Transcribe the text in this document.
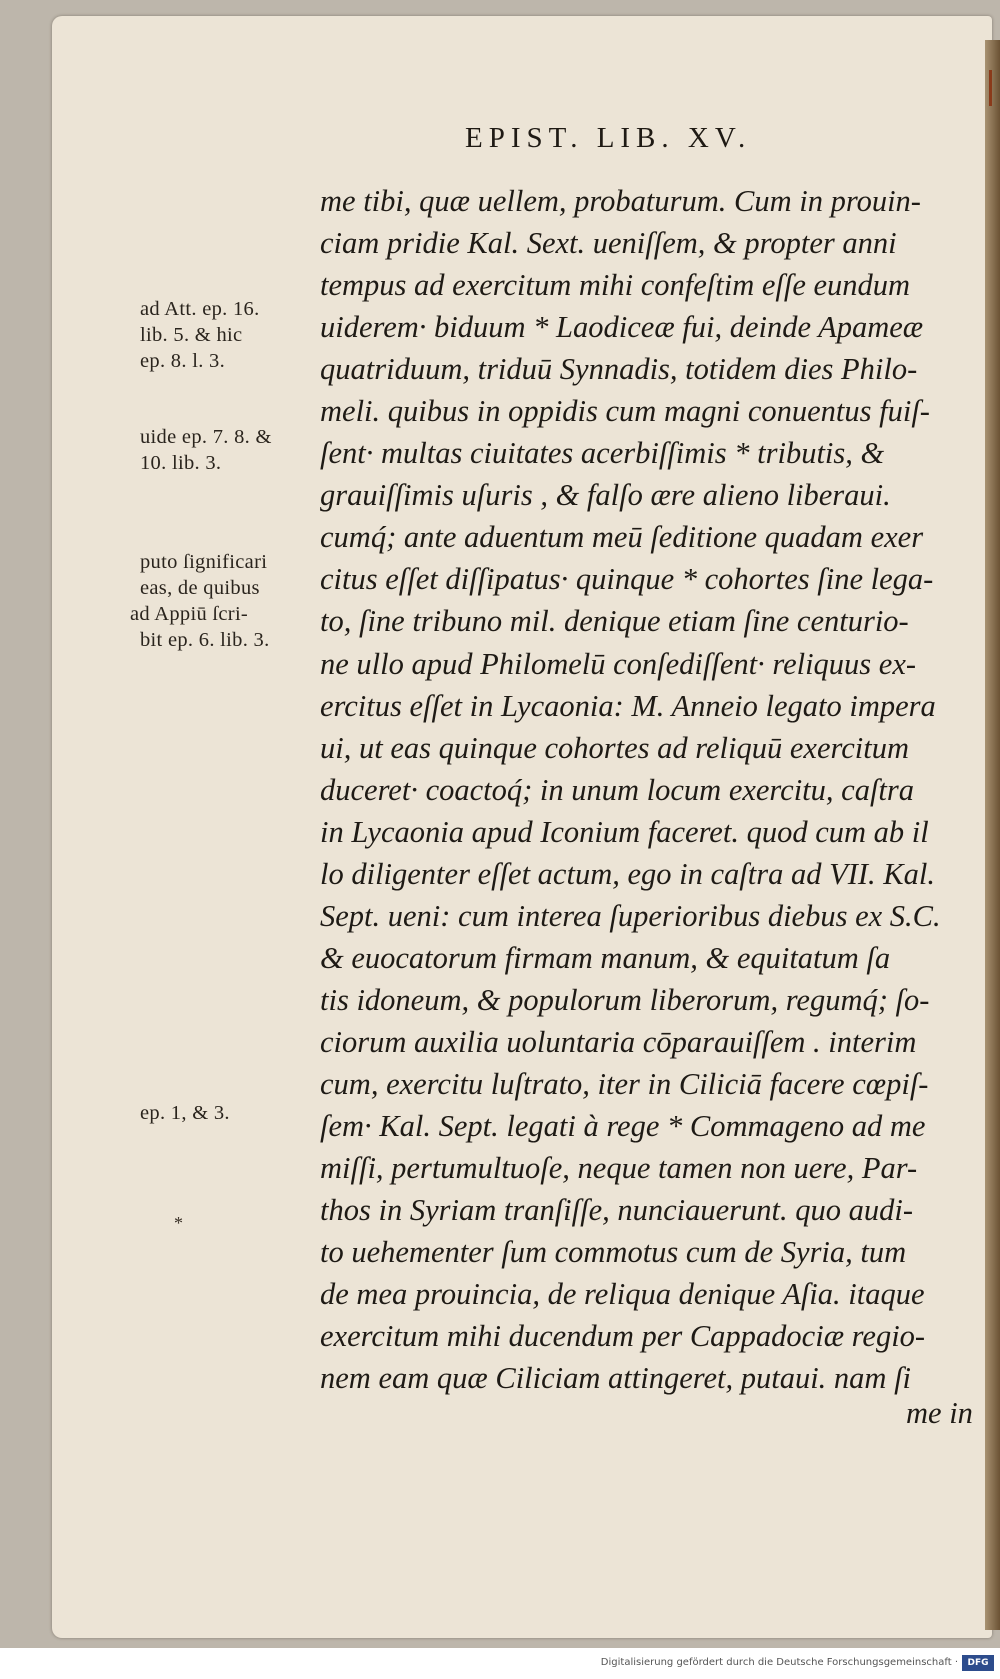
EPIST. LIB. XV.
me tibi, quæ uellem, probaturum. Cum in prouin-
ciam pridie Kal. Sext. ueniſſem, & propter anni
tempus ad exercitum mihi confeſtim eſſe eundum
uiderem· biduum * Laodiceæ fui, deinde Apameæ
quatriduum, triduū Synnadis, totidem dies Philo-
meli. quibus in oppidis cum magni conuentus fuiſ-
ſent· multas ciuitates acerbiſſimis * tributis, &
grauiſſimis uſuris , & falſo ære alieno liberaui.
cumq́; ante aduentum meū ſeditione quadam exer
citus eſſet diſſipatus· quinque * cohortes ſine lega-
to, ſine tribuno mil. denique etiam ſine centurio-
ne ullo apud Philomelū conſediſſent· reliquus ex-
ercitus eſſet in Lycaonia: M. Anneio legato impera
ui, ut eas quinque cohortes ad reliquū exercitum
duceret· coactoq́; in unum locum exercitu, caſtra
in Lycaonia apud Iconium faceret. quod cum ab il
lo diligenter eſſet actum, ego in caſtra ad VII. Kal.
Sept. ueni: cum interea ſuperioribus diebus ex S.C.
& euocatorum firmam manum, & equitatum ſa
tis idoneum, & populorum liberorum, regumq́; ſo-
ciorum auxilia uoluntaria cōparauiſſem . interim
cum, exercitu luſtrato, iter in Ciliciā facere cœpiſ-
ſem· Kal. Sept. legati à rege * Commageno ad me
miſſi, pertumultuoſe, neque tamen non uere, Par-
thos in Syriam tranſiſſe, nunciauerunt. quo audi-
to uehementer ſum commotus cum de Syria, tum
de mea prouincia, de reliqua denique Aſia. itaque
exercitum mihi ducendum per Cappadociæ regio-
nem eam quæ Ciliciam attingeret, putaui. nam ſi
me in
ad Att. ep. 16.
lib. 5. & hic
ep. 8. l. 3.
uide ep. 7. 8. &
10. lib. 3.
puto ſignificari
eas, de quibus
ad Appiū ſcri-
bit ep. 6. lib. 3.
ep. 1, & 3.
*
Digitalisierung gefördert durch die Deutsche Forschungsgemeinschaft ·	DFG
